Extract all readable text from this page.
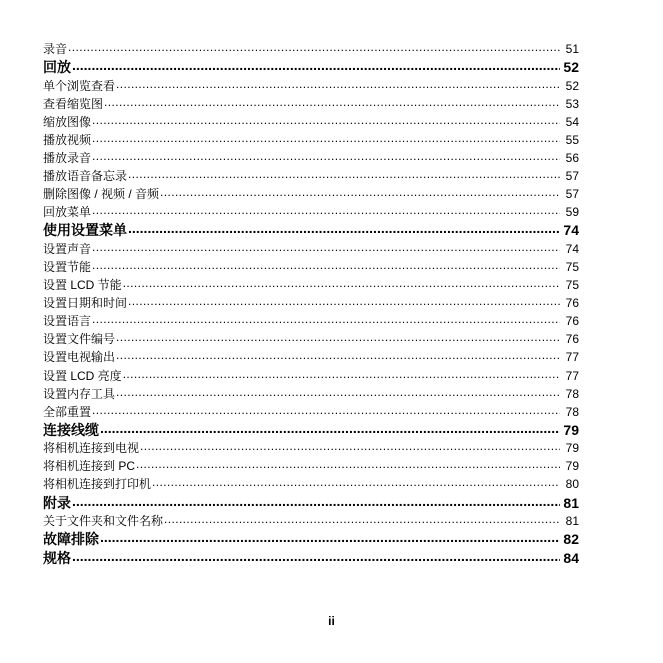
录音 .....	51
回放 .....	52
单个浏览查看 .....	52
查看缩览图 .....	53
缩放图像 .....	54
播放视频 .....	55
播放录音 .....	56
播放语音备忘录 .....	57
删除图像 / 视频 / 音频 .....	57
回放菜单 .....	59
使用设置菜单 .....	74
设置声音 .....	74
设置节能 .....	75
设置 LCD 节能 .....	75
设置日期和时间 .....	76
设置语言 .....	76
设置文件编号 .....	76
设置电视输出 .....	77
设置 LCD 亮度 .....	77
设置内存工具 .....	78
全部重置 .....	78
连接线缆 .....	79
将相机连接到电视 .....	79
将相机连接到 PC .....	79
将相机连接到打印机 .....	80
附录 .....	81
关于文件夹和文件名称 .....	81
故障排除 .....	82
规格 .....	84
ii
